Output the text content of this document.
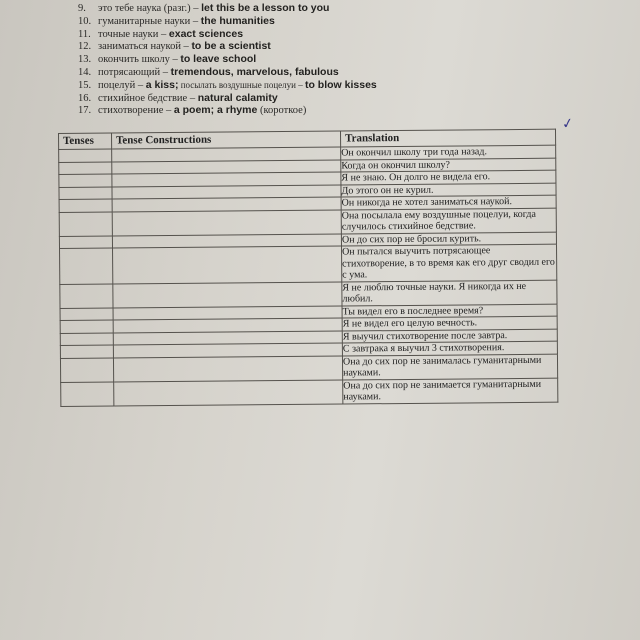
9. это тебе наука (разг.) – let this be a lesson to you
10. гуманитарные науки – the humanities
11. точные науки – exact sciences
12. заниматься наукой – to be a scientist
13. окончить школу – to leave school
14. потрясающий – tremendous, marvelous, fabulous
15. поцелуй – a kiss; посылать воздушные поцелуи – to blow kisses
16. стихийное бедствие – natural calamity
17. стихотворение – a poem; a rhyme (короткое)
✓
Tenses	Tense Constructions	Translation
		Он окончил школу три года назад.
		Когда он окончил школу?
		Я не знаю. Он долго не видела его.
		До этого он не курил.
		Он никогда не хотел заниматься наукой.
		Она посылала ему воздушные поцелуи, когда случилось стихийное бедствие.
		Он до сих пор не бросил курить.
		Он пытался выучить потрясающее стихотворение, в то время как его друг сводил его с ума.
		Я не люблю точные науки. Я никогда их не любил.
		Ты видел его в последнее время?
		Я не видел его целую вечность.
		Я выучил стихотворение после завтра.
		С завтрака я выучил 3 стихотворения.
		Она до сих пор не занималась гуманитарными науками.
		Она до сих пор не занимается гуманитарными науками.
